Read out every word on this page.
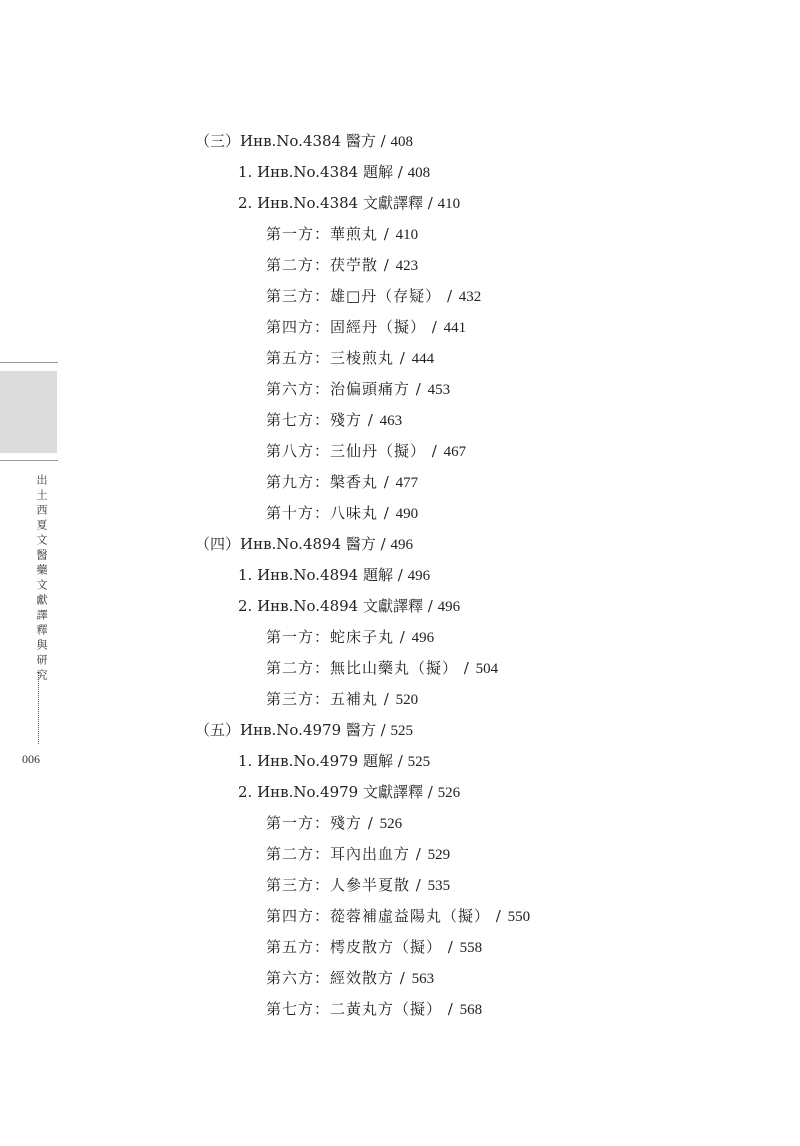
出土西夏文醫藥文獻譯釋與研究
006
（三）Инв.No.4384 醫方 / 408
1. Инв.No.4384 題解 / 408
2. Инв.No.4384 文獻譯釋 / 410
第一方：華煎丸 / 410
第二方：茯苧散 / 423
第三方：雄□丹（存疑） / 432
第四方：固經丹（擬） / 441
第五方：三棱煎丸 / 444
第六方：治偏頭痛方 / 453
第七方：殘方 / 463
第八方：三仙丹（擬） / 467
第九方：槃香丸 / 477
第十方：八味丸 / 490
（四）Инв.No.4894 醫方 / 496
1. Инв.No.4894 題解 / 496
2. Инв.No.4894 文獻譯釋 / 496
第一方：蛇床子丸 / 496
第二方：無比山藥丸（擬） / 504
第三方：五補丸 / 520
（五）Инв.No.4979 醫方 / 525
1. Инв.No.4979 題解 / 525
2. Инв.No.4979 文獻譯釋 / 526
第一方：殘方 / 526
第二方：耳內出血方 / 529
第三方：人參半夏散 / 535
第四方：蓯蓉補虛益陽丸（擬） / 550
第五方：樗皮散方（擬） / 558
第六方：經效散方 / 563
第七方：二黃丸方（擬） / 568
